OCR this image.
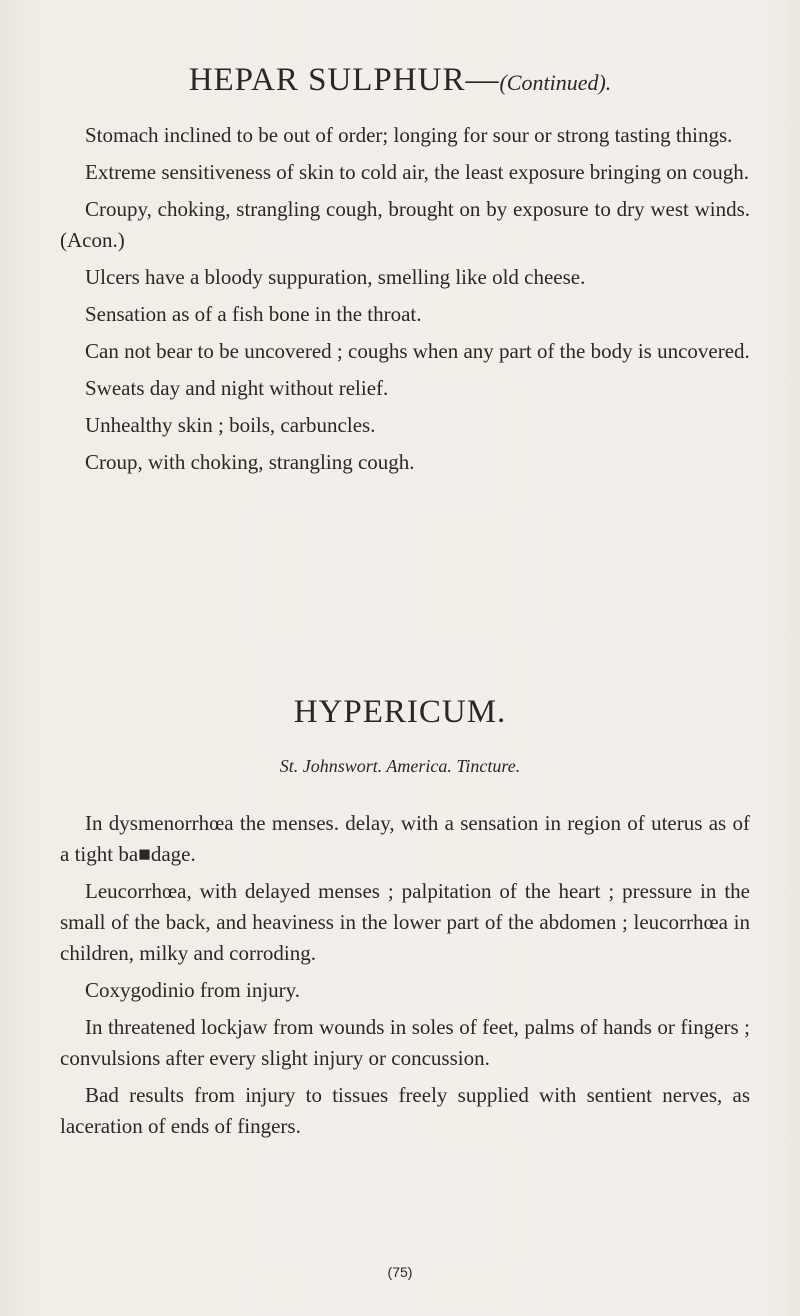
HEPAR SULPHUR—(Continued).

Stomach inclined to be out of order; longing for sour or strong tasting things.

Extreme sensitiveness of skin to cold air, the least exposure bringing on cough.

Croupy, choking, strangling cough, brought on by exposure to dry west winds. (Acon.)

Ulcers have a bloody suppuration, smelling like old cheese.

Sensation as of a fish bone in the throat.

Can not bear to be uncovered ; coughs when any part of the body is uncovered.

Sweats day and night without relief.

Unhealthy skin ; boils, carbuncles.

Croup, with choking, strangling cough.

HYPERICUM.
St. Johnswort. America. Tincture.

In dysmenorrhœa the menses. delay, with a sensation in region of uterus as of a tight ba■dage.

Leucorrhœa, with delayed menses ; palpitation of the heart ; pressure in the small of the back, and heaviness in the lower part of the abdomen ; leucorrhœa in children, milky and corroding.

Coxygodinio from injury.

In threatened lockjaw from wounds in soles of feet, palms of hands or fingers ; convulsions after every slight injury or concussion.

Bad results from injury to tissues freely supplied with sentient nerves, as laceration of ends of fingers.

(75)
